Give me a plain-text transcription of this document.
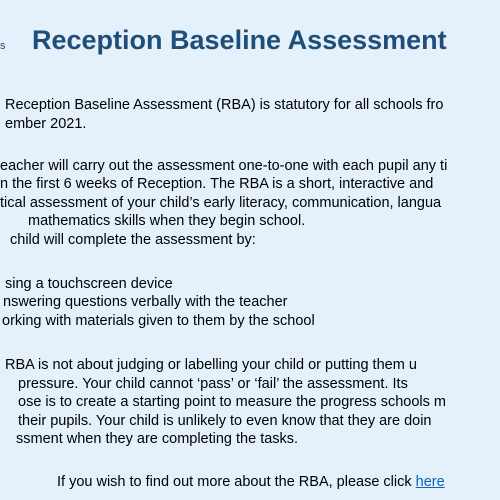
s Reception Baseline Assessment

Reception Baseline Assessment (RBA) is statutory for all schools fro

ember 2021.

eacher will carry out the assessment one-to-one with each pupil any ti

n the first 6 weeks of Reception. The RBA is a short, interactive and

tical assessment of your child’s early literacy, communication, langua

mathematics skills when they begin school.

child will complete the assessment by:

sing a touchscreen device

nswering questions verbally with the teacher

orking with materials given to them by the school

RBA is not about judging or labelling your child or putting them u

pressure. Your child cannot ‘pass’ or ‘fail’ the assessment. Its

ose is to create a starting point to measure the progress schools m

their pupils. Your child is unlikely to even know that they are doin

ssment when they are completing the tasks.

If you wish to find out more about the RBA, please click here
